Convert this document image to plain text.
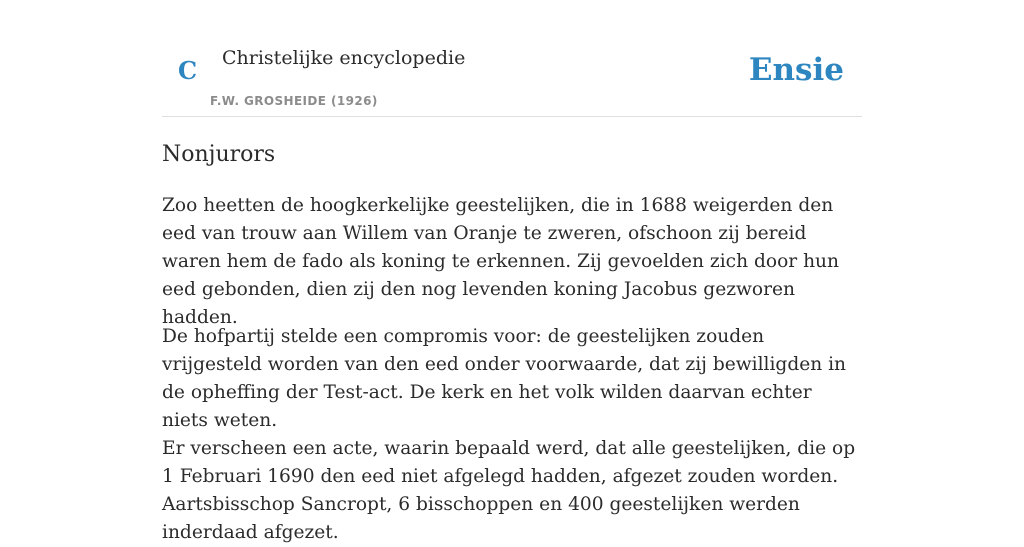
C Christelijke encyclopedie
F.W. GROSHEIDE (1926)
Ensie
Nonjurors

Zoo heetten de hoogkerkelijke geestelijken, die in 1688 weigerden den eed van trouw aan Willem van Oranje te zweren, ofschoon zij bereid waren hem de fado als koning te erkennen. Zij gevoelden zich door hun eed gebonden, dien zij den nog levenden koning Jacobus gezworen hadden.

De hofpartij stelde een compromis voor: de geestelijken zouden vrijgesteld worden van den eed onder voorwaarde, dat zij bewilligden in de opheffing der Test-act. De kerk en het volk wilden daarvan echter niets weten.

Er verscheen een acte, waarin bepaald werd, dat alle geestelijken, die op 1 Februari 1690 den eed niet afgelegd hadden, afgezet zouden worden. Aartsbisschop Sancropt, 6 bisschoppen en 400 geestelijken werden inderdaad afgezet.
